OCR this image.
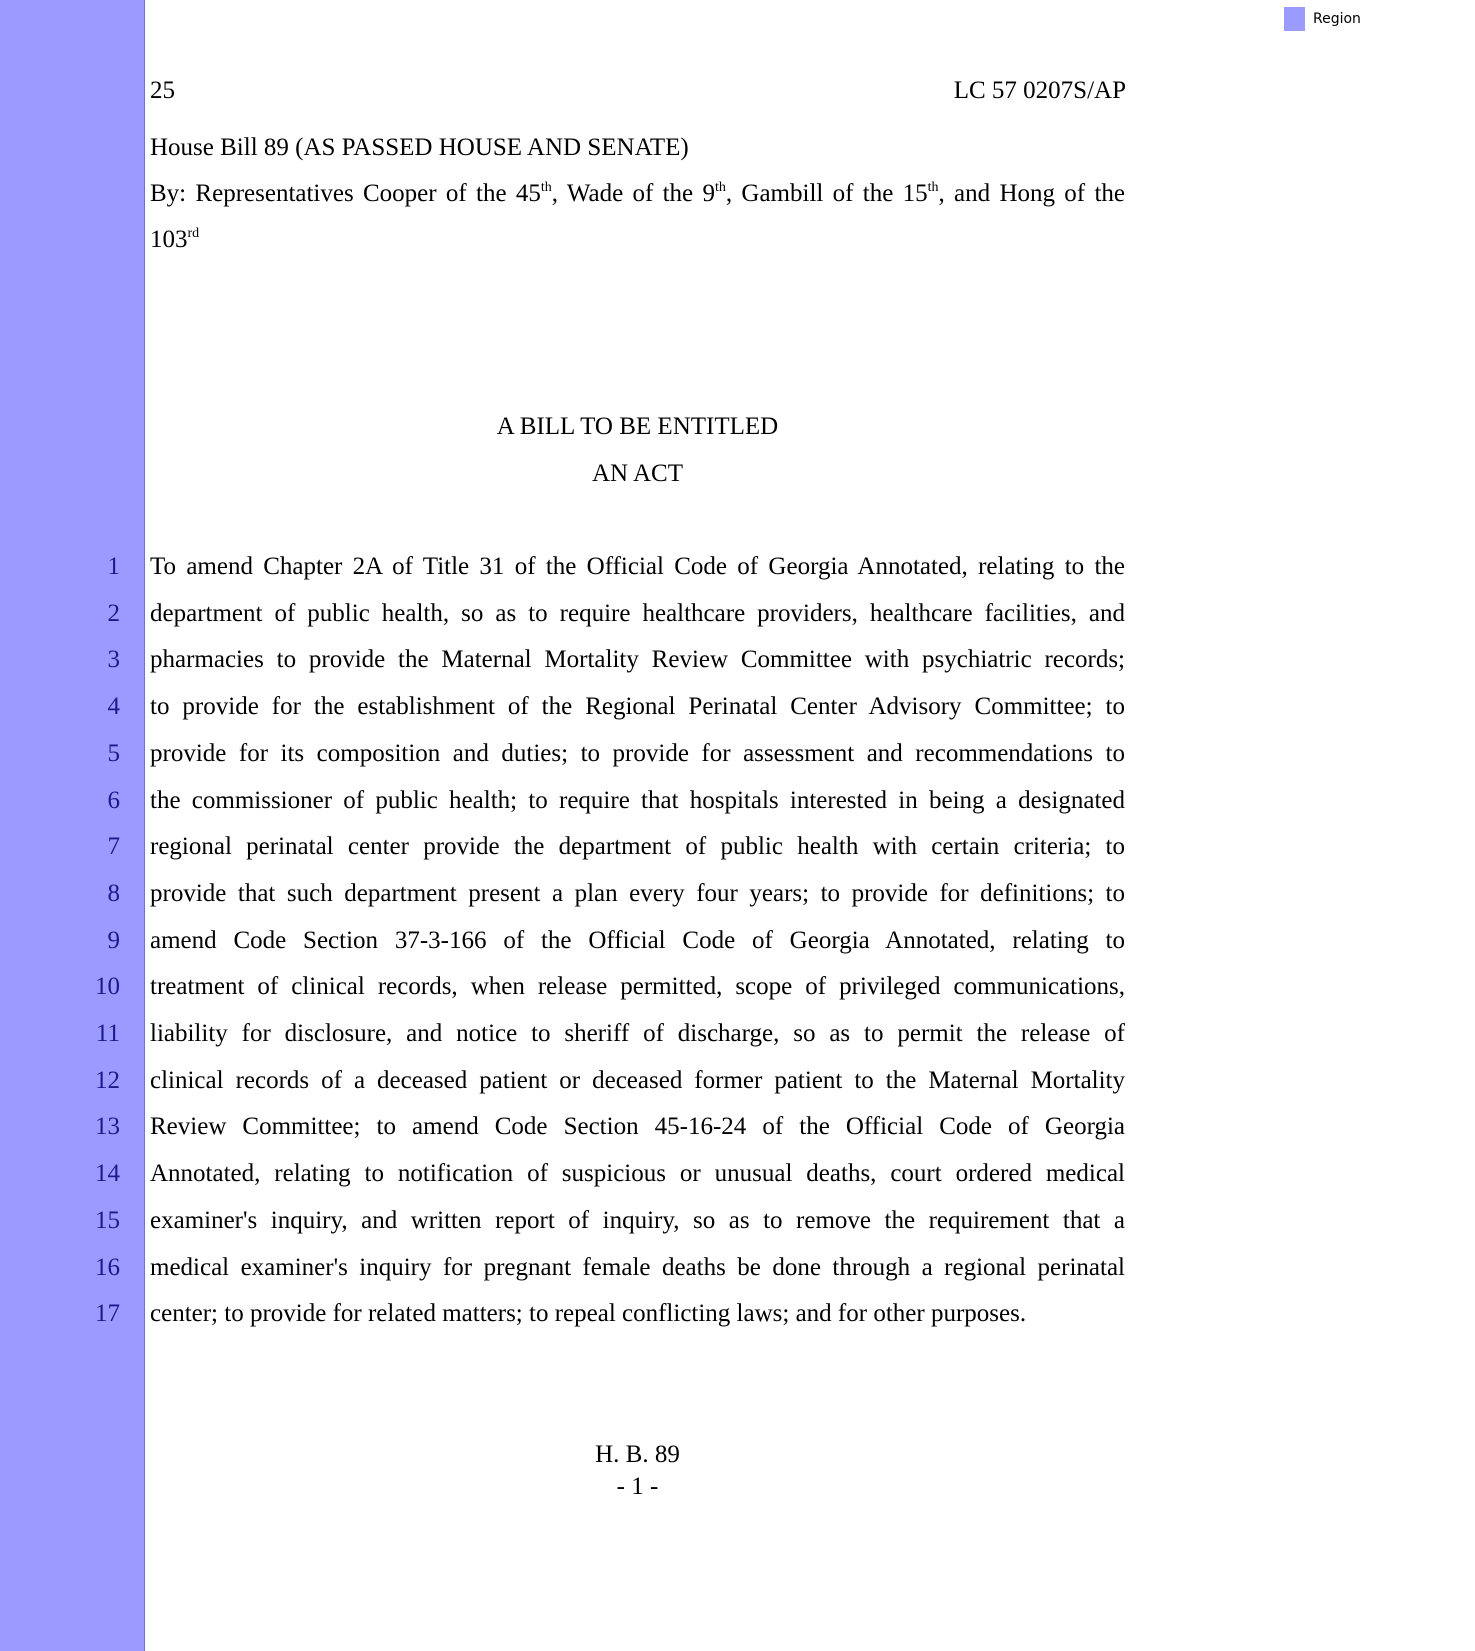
Region
25	LC 57 0207S/AP
House Bill 89 (AS PASSED HOUSE AND SENATE)
By: Representatives Cooper of the 45th, Wade of the 9th, Gambill of the 15th, and Hong of the
103rd
A BILL TO BE ENTITLED
AN ACT
1 To amend Chapter 2A of Title 31 of the Official Code of Georgia Annotated, relating to the
2 department of public health, so as to require healthcare providers, healthcare facilities, and
3 pharmacies to provide the Maternal Mortality Review Committee with psychiatric records;
4 to provide for the establishment of the Regional Perinatal Center Advisory Committee; to
5 provide for its composition and duties; to provide for assessment and recommendations to
6 the commissioner of public health; to require that hospitals interested in being a designated
7 regional perinatal center provide the department of public health with certain criteria; to
8 provide that such department present a plan every four years; to provide for definitions; to
9 amend Code Section 37-3-166 of the Official Code of Georgia Annotated, relating to
10 treatment of clinical records, when release permitted, scope of privileged communications,
11 liability for disclosure, and notice to sheriff of discharge, so as to permit the release of
12 clinical records of a deceased patient or deceased former patient to the Maternal Mortality
13 Review Committee; to amend Code Section 45-16-24 of the Official Code of Georgia
14 Annotated, relating to notification of suspicious or unusual deaths, court ordered medical
15 examiner's inquiry, and written report of inquiry, so as to remove the requirement that a
16 medical examiner's inquiry for pregnant female deaths be done through a regional perinatal
17 center; to provide for related matters; to repeal conflicting laws; and for other purposes.
H. B. 89
- 1 -
